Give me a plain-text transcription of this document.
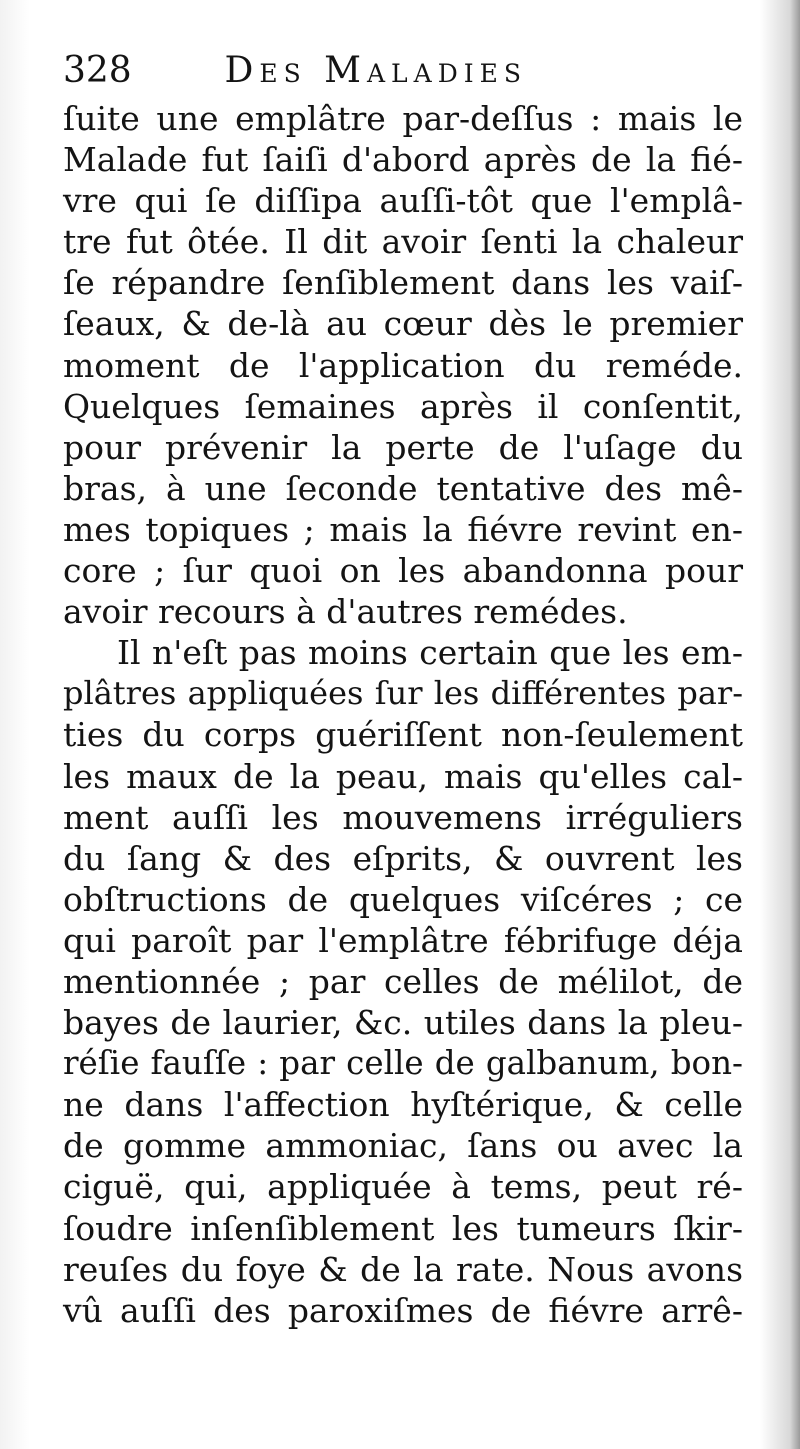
328	Des Maladies
ſuite une emplâtre par-deſſus : mais le
Malade fut ſaiſi d'abord après de la fié-
vre qui ſe diſſipa auſſi-tôt que l'emplâ-
tre fut ôtée. Il dit avoir ſenti la chaleur
ſe répandre ſenſiblement dans les vaiſ-
ſeaux, & de-là au cœur dès le premier
moment de l'application du reméde.
Quelques ſemaines après il conſentit,
pour prévenir la perte de l'uſage du
bras, à une ſeconde tentative des mê-
mes topiques ; mais la fiévre revint en-
core ; ſur quoi on les abandonna pour
avoir recours à d'autres remédes.
Il n'eſt pas moins certain que les em-
plâtres appliquées ſur les différentes par-
ties du corps guériſſent non-ſeulement
les maux de la peau, mais qu'elles cal-
ment auſſi les mouvemens irréguliers
du ſang & des eſprits, & ouvrent les
obſtructions de quelques viſcéres ; ce
qui paroît par l'emplâtre fébrifuge déja
mentionnée ; par celles de mélilot, de
bayes de laurier, &c. utiles dans la pleu-
réſie fauſſe : par celle de galbanum, bon-
ne dans l'affection hyſtérique, & celle
de gomme ammoniac, ſans ou avec la
ciguë, qui, appliquée à tems, peut ré-
ſoudre inſenſiblement les tumeurs ſkir-
reuſes du foye & de la rate. Nous avons
vû auſſi des paroxiſmes de fiévre arrê-
